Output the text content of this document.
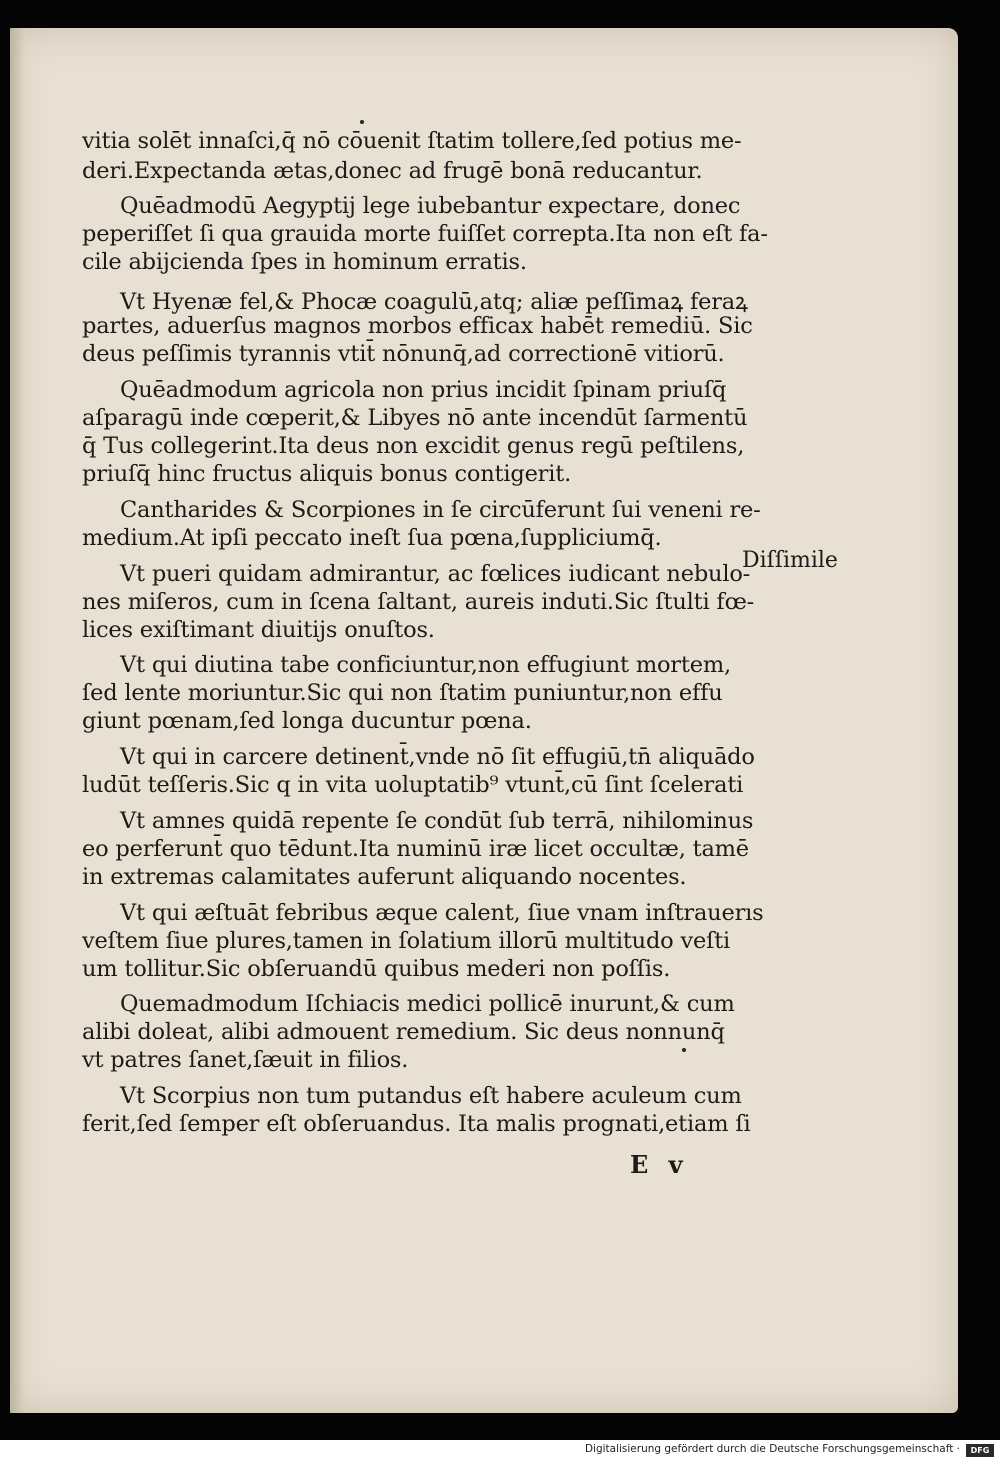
vitia solēt innaſci,q̄ nō cōuenit ſtatim tollere,ſed potius me-
deri.Expectanda ætas,donec ad frugē bonā reducantur.
Quēadmodū Aegyptij lege iubebantur expectare, donec
peperiſſet ſi qua grauida morte fuiſſet correpta.Ita non eſt fa-
cile abijcienda ſpes in hominum erratis.
Vt Hyenæ fel,& Phocæ coagulū,atq; aliæ peſſimaꝝ feraꝝ
partes, aduerſus magnos morbos efficax habēt remediū. Sic
deus peſſimis tyrannis vtit̄ nōnunq̄,ad correctionē vitiorū.
Quēadmodum agricola non prius incidit ſpinam priuſq̄
aſparagū inde cœperit,& Libyes nō ante incendūt ſarmentū
q̄ Tus collegerint.Ita deus non excidit genus regū peſtilens,
priuſq̄ hinc fructus aliquis bonus contigerit.
Cantharides & Scorpiones in ſe circūferunt ſui veneni re-
medium.At ipſi peccato ineſt ſua pœna,ſuppliciumq̄.
Vt pueri quidam admirantur, ac fœlices iudicant nebulo-
nes miſeros, cum in ſcena ſaltant, aureis induti.Sic ſtulti fœ-
lices exiſtimant diuitijs onuſtos.
Vt qui diutina tabe conficiuntur,non effugiunt mortem,
ſed lente moriuntur.Sic qui non ſtatim puniuntur,non effu
giunt pœnam,ſed longa ducuntur pœna.
Vt qui in carcere detinent̄,vnde nō ſit effugiū,tn̄ aliquādo
ludūt teſſeris.Sic q in vita uoluptatib⁹ vtunt̄,cū ſint ſcelerati
Vt amnes quidā repente ſe condūt ſub terrā, nihilominus
eo perferunt̄ quo tēdunt.Ita numinū iræ licet occultæ, tamē
in extremas calamitates auferunt aliquando nocentes.
Vt qui æſtuāt febribus æque calent, ſiue vnam inſtrauerıs
veſtem ſiue plures,tamen in ſolatium illorū multitudo veſti
um tollitur.Sic obſeruandū quibus mederi non poſſis.
Quemadmodum Iſchiacis medici pollicē inurunt,& cum
alibi doleat, alibi admouent remedium. Sic deus nonnunq̄
vt patres ſanet,ſæuit in filios.
Vt Scorpius non tum putandus eſt habere aculeum cum
ferit,ſed ſemper eſt obſeruandus. Ita malis prognati,etiam ſi
Diſſimile
E v
Digitalisierung gefördert durch die Deutsche Forschungsgemeinschaft ·	DFG
